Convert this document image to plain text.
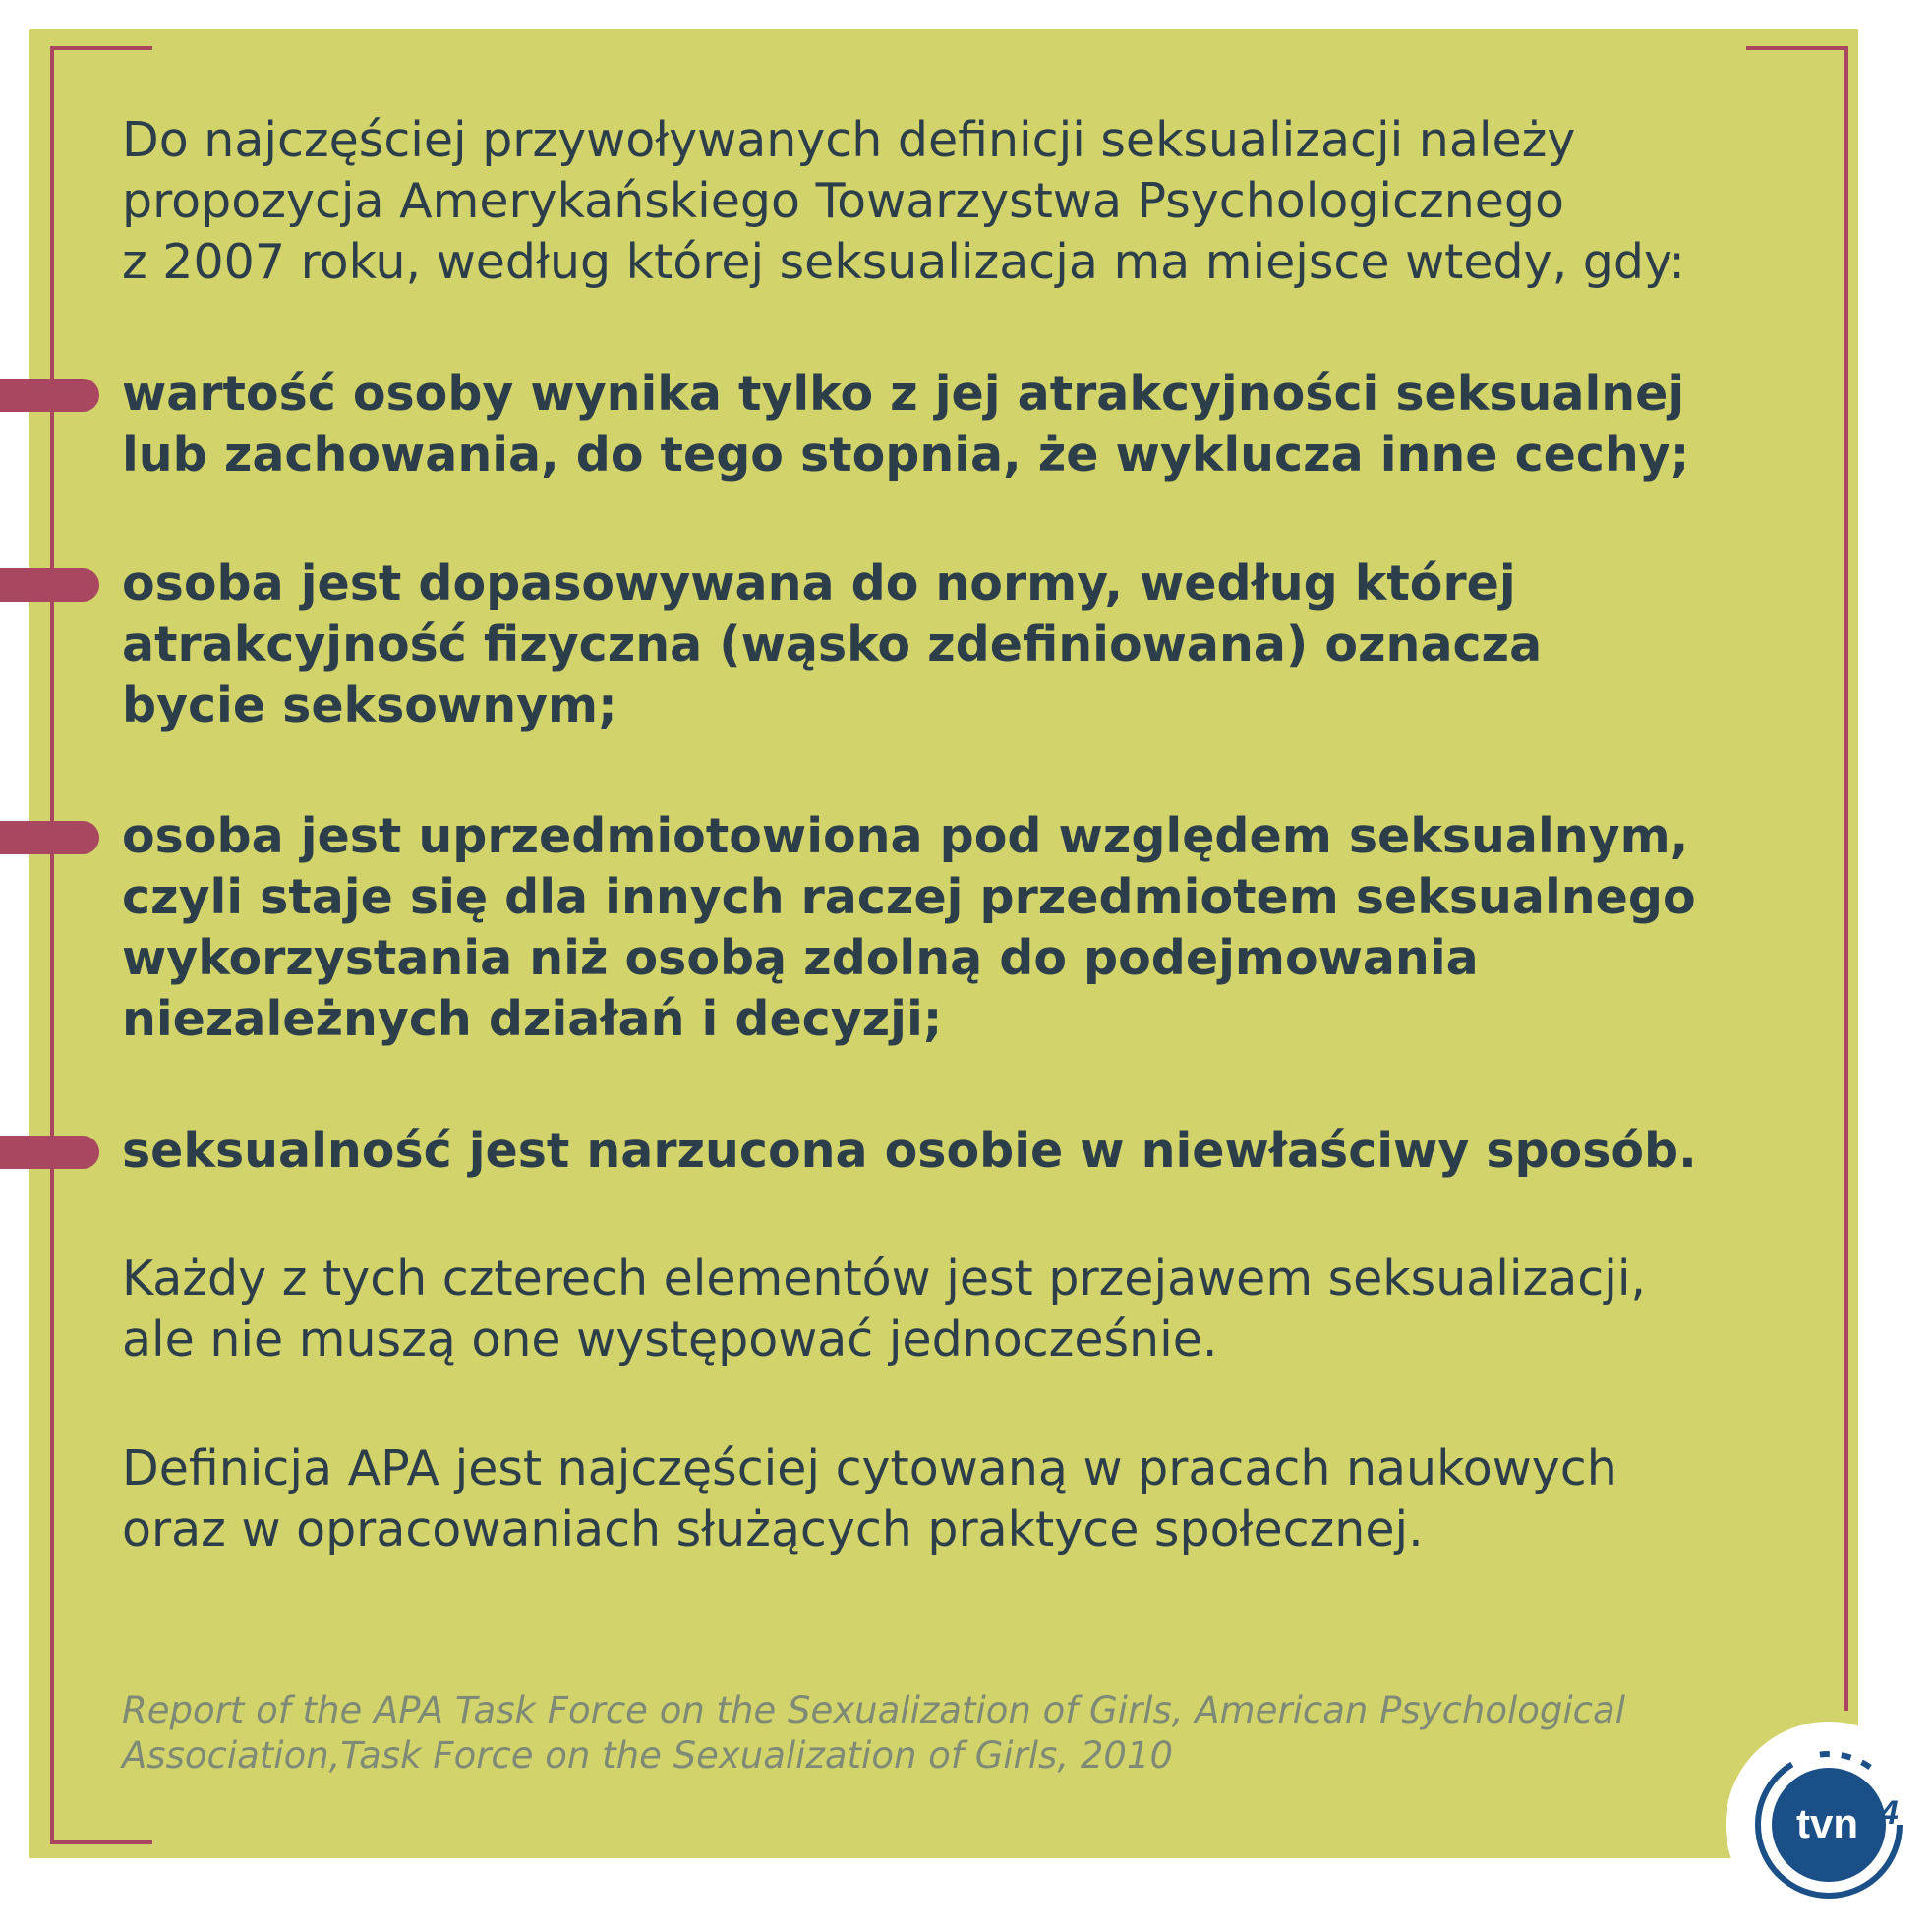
Do najczęściej przywoływanych definicji seksualizacji należy
propozycja Amerykańskiego Towarzystwa Psychologicznego
z 2007 roku, według której seksualizacja ma miejsce wtedy, gdy:

wartość osoby wynika tylko z jej atrakcyjności seksualnej
lub zachowania, do tego stopnia, że wyklucza inne cechy;

osoba jest dopasowywana do normy, według której
atrakcyjność fizyczna (wąsko zdefiniowana) oznacza
bycie seksownym;

osoba jest uprzedmiotowiona pod względem seksualnym,
czyli staje się dla innych raczej przedmiotem seksualnego
wykorzystania niż osobą zdolną do podejmowania
niezależnych działań i decyzji;

seksualność jest narzucona osobie w niewłaściwy sposób.

Każdy z tych czterech elementów jest przejawem seksualizacji,
ale nie muszą one występować jednocześnie.

Definicja APA jest najczęściej cytowaną w pracach naukowych
oraz w opracowaniach służących praktyce społecznej.

Report of the APA Task Force on the Sexualization of Girls, American Psychological
Association,Task Force on the Sexualization of Girls, 2010

tvn 24
